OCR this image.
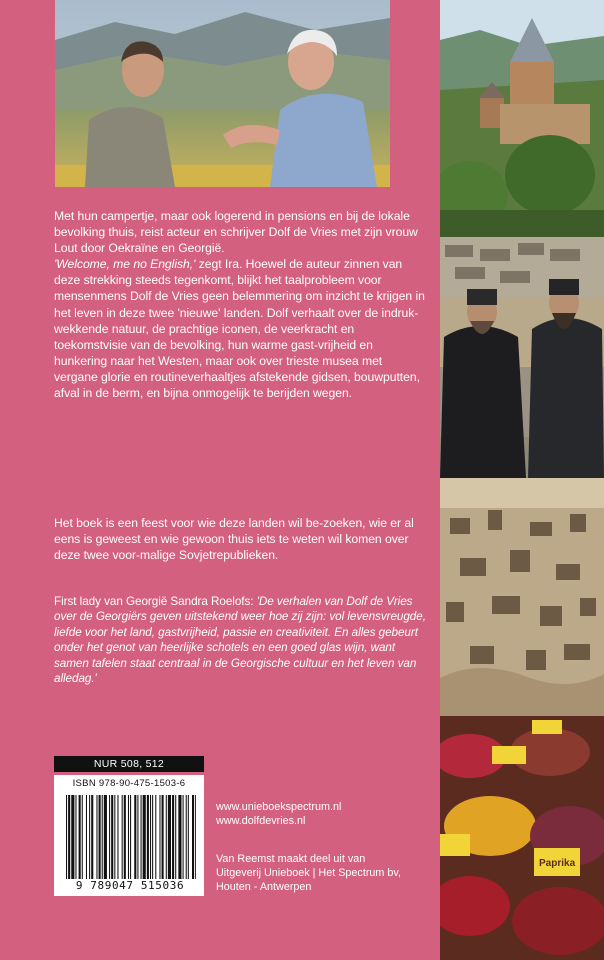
Paprika

Met hun campertje, maar ook logerend in pensions en bij de lokale bevolking thuis, reist acteur en schrijver Dolf de Vries met zijn vrouw Lout door Oekraïne en Georgië.

'Welcome, me no English,' zegt Ira. Hoewel de auteur zinnen van deze strekking steeds tegenkomt, blijkt het taalprobleem voor mensenmens Dolf de Vries geen belemmering om inzicht te krijgen in het leven in deze twee 'nieuwe' landen. Dolf verhaalt over de indruk-wekkende natuur, de prachtige iconen, de veerkracht en toekomstvisie van de bevolking, hun warme gast-vrijheid en hunkering naar het Westen, maar ook over trieste musea met vergane glorie en routineverhaaltjes afstekende gidsen, bouwputten, afval in de berm, en bijna onmogelijk te berijden wegen.

Het boek is een feest voor wie deze landen wil be-zoeken, wie er al eens is geweest en wie gewoon thuis iets te weten wil komen over deze twee voor-malige Sovjetrepublieken.
First lady van Georgië Sandra Roelofs: 'De verhalen van Dolf de Vries over de Georgiërs geven uitstekend weer hoe zij zijn: vol levensvreugde, liefde voor het land, gastvrijheid, passie en creativiteit. En alles gebeurt onder het genot van heerlijke schotels en een goed glas wijn, want samen tafelen staat centraal in de Georgische cultuur en het leven van alledag.'
NUR 508, 512
ISBN 978-90-475-1503-6
9 789047 515036
www.unieboekspectrum.nl
www.dolfdevries.nl
Van Reemst maakt deel uit van
Uitgeverij Unieboek | Het Spectrum bv,
Houten - Antwerpen
